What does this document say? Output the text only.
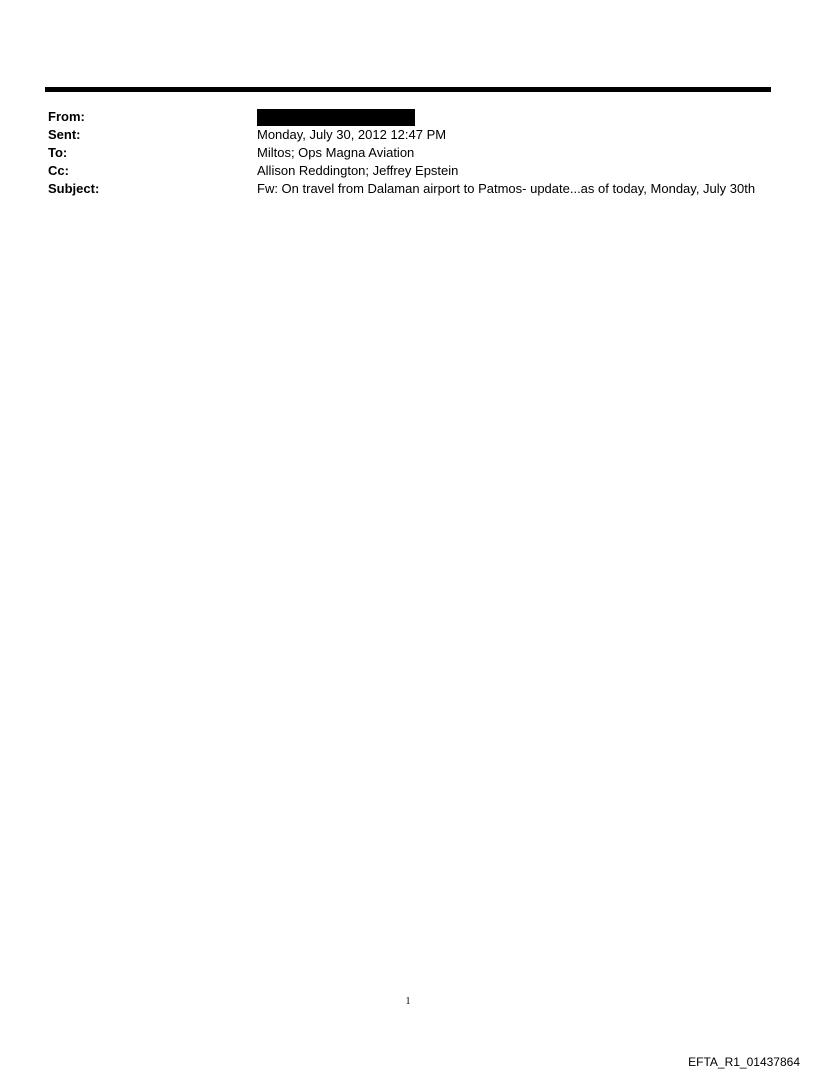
From:
Sent:	Monday, July 30, 2012 12:47 PM
To:	Miltos; Ops Magna Aviation
Cc:	Allison Reddington; Jeffrey Epstein
Subject:	Fw: On travel from Dalaman airport to Patmos- update...as of today, Monday, July 30th
1
EFTA_R1_01437864
